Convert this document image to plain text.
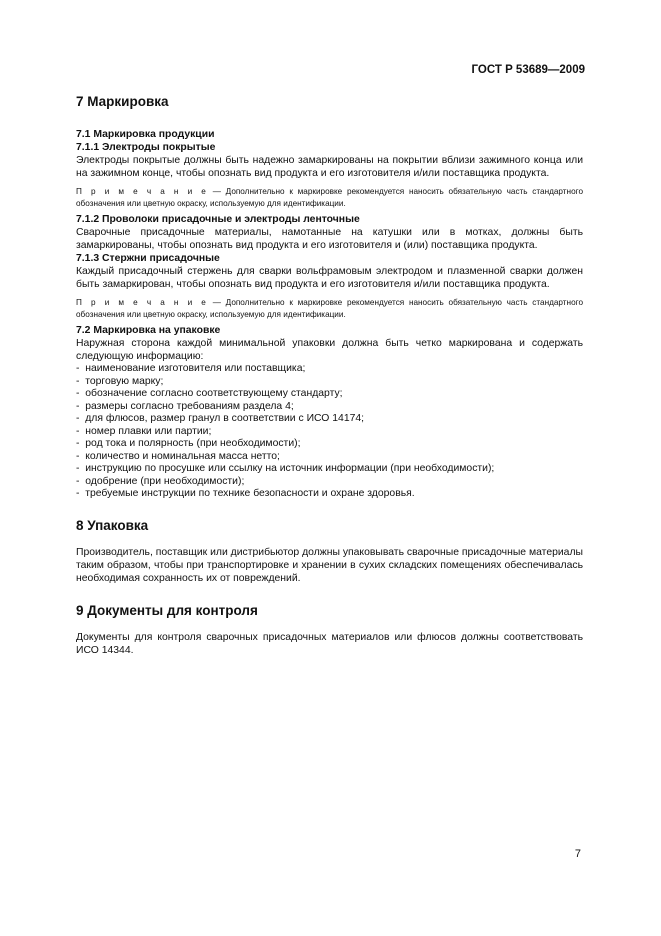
ГОСТ Р 53689—2009
7 Маркировка
7.1 Маркировка продукции
7.1.1 Электроды покрытые

Электроды покрытые должны быть надежно замаркированы на покрытии вблизи зажимного конца или на зажимном конце, чтобы опознать вид продукта и его изготовителя и/или поставщика продукта.

П р и м е ч а н и е — Дополнительно к маркировке рекомендуется наносить обязательную часть стандартного обозначения или цветную окраску, используемую для идентификации.

7.1.2 Проволоки присадочные и электроды ленточные

Сварочные присадочные материалы, намотанные на катушки или в мотках, должны быть замаркированы, чтобы опознать вид продукта и его изготовителя и (или) поставщика продукта.

7.1.3 Стержни присадочные

Каждый присадочный стержень для сварки вольфрамовым электродом и плазменной сварки должен быть замаркирован, чтобы опознать вид продукта и его изготовителя и/или поставщика продукта.

П р и м е ч а н и е — Дополнительно к маркировке рекомендуется наносить обязательную часть стандартного обозначения или цветную окраску, используемую для идентификации.

7.2 Маркировка на упаковке

Наружная сторона каждой минимальной упаковки должна быть четко маркирована и содержать следующую информацию:

-  наименование изготовителя или поставщика;
-  торговую марку;
-  обозначение согласно соответствующему стандарту;
-  размеры согласно требованиям раздела 4;
-  для флюсов, размер гранул в соответствии с ИСО 14174;
-  номер плавки или партии;
-  род тока и полярность (при необходимости);
-  количество и номинальная масса нетто;
-  инструкцию по просушке или ссылку на источник информации (при необходимости);
-  одобрение (при необходимости);
-  требуемые инструкции по технике безопасности и охране здоровья.
8 Упаковка

Производитель, поставщик или дистрибьютор должны упаковывать сварочные присадочные материалы таким образом, чтобы при транспортировке и хранении в сухих складских помещениях обеспечивалась необходимая сохранность их от повреждений.

9 Документы для контроля

Документы для контроля сварочных присадочных материалов или флюсов должны соответствовать ИСО 14344.

7
